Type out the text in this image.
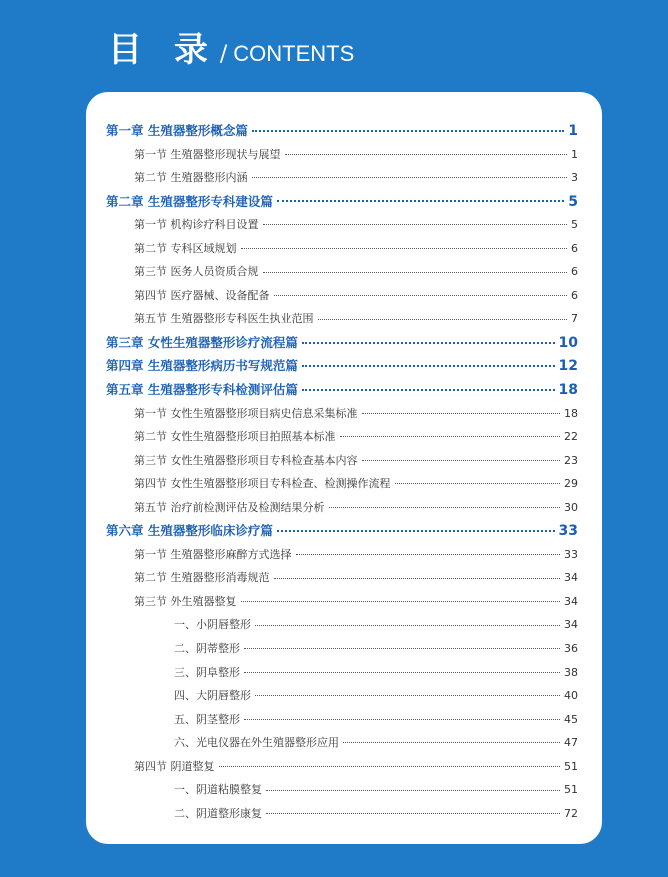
目 录 / CONTENTS
第一章 生殖器整形概念篇	1
第一节 生殖器整形现状与展望	1
第二节 生殖器整形内涵	3
第二章 生殖器整形专科建设篇	5
第一节 机构诊疗科目设置	5
第二节 专科区域规划	6
第三节 医务人员资质合规	6
第四节 医疗器械、设备配备	6
第五节 生殖器整形专科医生执业范围	7
第三章 女性生殖器整形诊疗流程篇	10
第四章 生殖器整形病历书写规范篇	12
第五章 生殖器整形专科检测评估篇	18
第一节 女性生殖器整形项目病史信息采集标准	18
第二节 女性生殖器整形项目拍照基本标准	22
第三节 女性生殖器整形项目专科检查基本内容	23
第四节 女性生殖器整形项目专科检查、检测操作流程	29
第五节 治疗前检测评估及检测结果分析	30
第六章 生殖器整形临床诊疗篇	33
第一节 生殖器整形麻醉方式选择	33
第二节 生殖器整形消毒规范	34
第三节 外生殖器整复	34
一、小阴唇整形	34
二、阴蒂整形	36
三、阴阜整形	38
四、大阴唇整形	40
五、阴茎整形	45
六、光电仪器在外生殖器整形应用	47
第四节 阴道整复	51
一、阴道粘膜整复	51
二、阴道整形康复	72
